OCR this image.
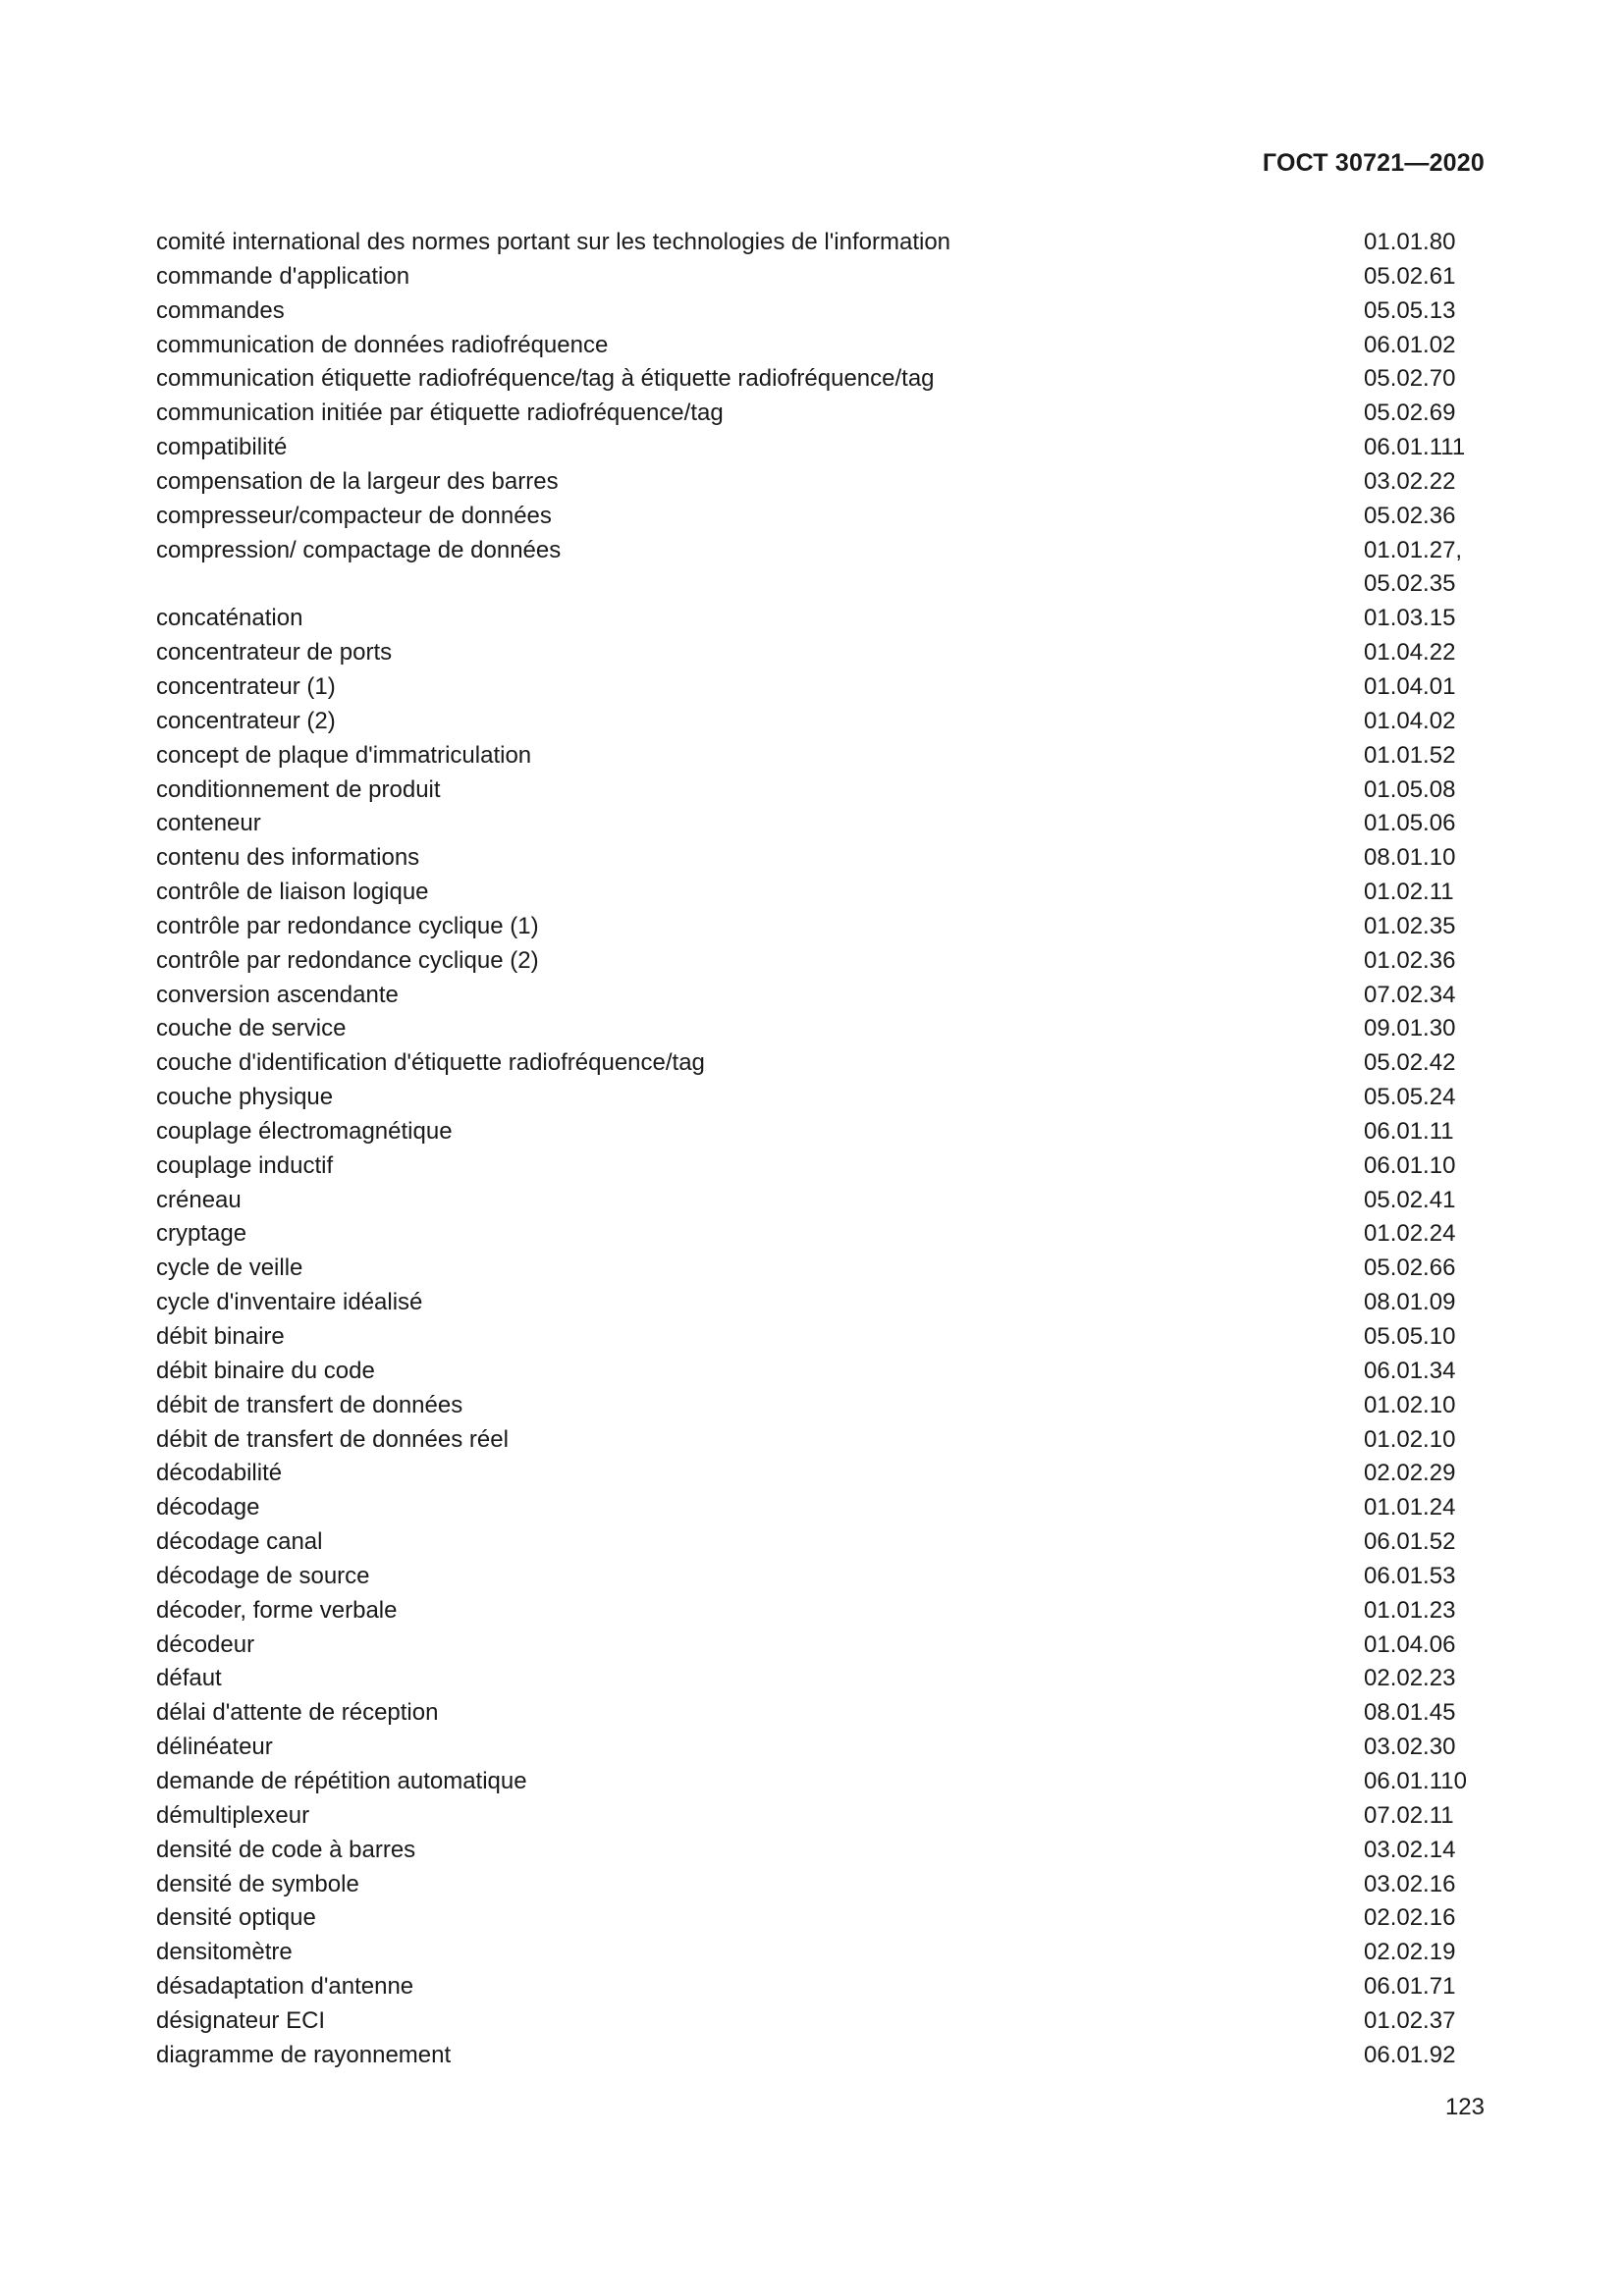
ГОСТ 30721—2020
comité international des normes portant sur les technologies de l'information	01.01.80
commande d'application	05.02.61
commandes	05.05.13
communication de données radiofréquence	06.01.02
communication étiquette radiofréquence/tag à étiquette radiofréquence/tag	05.02.70
communication initiée par étiquette radiofréquence/tag	05.02.69
compatibilité	06.01.111
compensation de la largeur des barres	03.02.22
compresseur/compacteur de données	05.02.36
compression/ compactage de données	01.01.27,
05.02.35
concaténation	01.03.15
concentrateur de ports	01.04.22
concentrateur (1)	01.04.01
concentrateur (2)	01.04.02
concept de plaque d'immatriculation	01.01.52
conditionnement de produit	01.05.08
conteneur	01.05.06
contenu des informations	08.01.10
contrôle de liaison logique	01.02.11
contrôle par redondance cyclique (1)	01.02.35
contrôle par redondance cyclique (2)	01.02.36
conversion ascendante	07.02.34
couche de service	09.01.30
couche d'identification d'étiquette radiofréquence/tag	05.02.42
couche physique	05.05.24
couplage électromagnétique	06.01.11
couplage inductif	06.01.10
créneau	05.02.41
cryptage	01.02.24
cycle de veille	05.02.66
cycle d'inventaire idéalisé	08.01.09
débit binaire	05.05.10
débit binaire du code	06.01.34
débit de transfert de données	01.02.10
débit de transfert de données réel	01.02.10
décodabilité	02.02.29
décodage	01.01.24
décodage canal	06.01.52
décodage de source	06.01.53
décoder, forme verbale	01.01.23
décodeur	01.04.06
défaut	02.02.23
délai d'attente de réception	08.01.45
délinéateur	03.02.30
demande de répétition automatique	06.01.110
démultiplexeur	07.02.11
densité de code à barres	03.02.14
densité de symbole	03.02.16
densité optique	02.02.16
densitomètre	02.02.19
désadaptation d'antenne	06.01.71
désignateur ECI	01.02.37
diagramme de rayonnement	06.01.92
123
